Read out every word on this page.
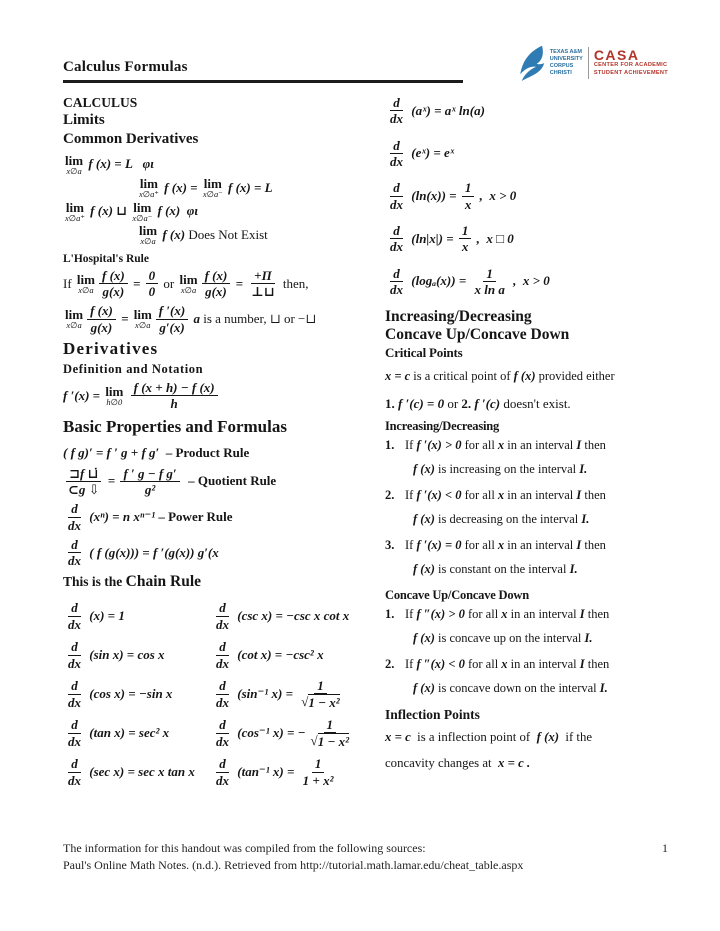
Calculus Formulas
TEXAS A&M
UNIVERSITY
CORPUS
CHRISTI
CASA
CENTER FOR ACADEMIC
STUDENT ACHIEVEMENT
CALCULUS
Limits
Common Derivatives
lim
x∅a f (x) = L φι
lim
x∅a⁺ f (x) = lim
x∅a⁻ f (x) = L
lim
x∅a⁺ f (x) ⊔ lim
x∅a⁻ f (x)  φι
lim
x∅a f (x) Does Not Exist
L'Hospital's Rule
If lim
x∅a $\frac{f (x)}{g(x)} = \frac{0}{0}$ or lim
x∅a $\frac{f (x)}{g(x)} = \frac{+\Pi}{\perp⊔}$ then,
lim
x∅a $\frac{f (x)}{g(x)} = \lim$
x∅a $\frac{f '(x)}{g'(x)}$ a is a number, ⊔ or −⊔
Derivatives
Definition and Notation
f ′(x) = lim
h∅0
$\frac{f (x + h) - f (x)}{h}$
Basic Properties and Formulas
( f g)′ = f ′ g + f g′ – Product Rule
$\frac{⊐f ⊔̇}{\subset g ⇩} = \frac{\text{f ′ g − f g′}}{\text{g²}}$ – Quotient Rule
$\frac{d}{dx} (x^n) = n$ xⁿ⁻¹ – Power Rule
$\frac{d}{dx}$ ( f (g(x))) = f ′(g(x)) g′(x
This is the Chain Rule
$\frac{d}{dx} (x) = 1$
$\frac{d}{dx} (\sin$ x) = cos x
$\frac{d}{dx} (\cos$ x) = −sin x
$\frac{d}{dx} (\tan$ x) = sec² x
$\frac{d}{dx} (\sec$ x) = sec x tan x
$\frac{d}{dx} (\csc$ x) = −csc x cot x
$\frac{d}{dx} (\cot$ x) = −csc² x
$\frac{d}{dx} (\sin^{-1}$ $x) = \frac{1}{\text{√ 1 − x²}}$
$\frac{d}{dx} (\cos^{-1}$ x) = − $\frac{1}{\text{√ 1 − x²}}$
$\frac{d}{dx} (\tan^{-1}$ $x) = \frac{1}{\text{1 + x²}}$
$\frac{d}{dx}$ (aˣ) = aˣ ln(a)
$\frac{d}{dx}$ (eˣ) = eˣ
$\frac{d}{dx} (\ln(x)) = \frac{1}{x}$ ,  x > 0
$\frac{d}{dx} (\ln|x|) = \frac{1}{x}$ ,  x □ 0
$\frac{d}{dx} (\log_a(x)) = \frac{1}{\text{x ln a}}$ ,  x > 0
Increasing/Decreasing
Concave Up/Concave Down
Critical Points
x = c is a critical point of f (x) provided either
1. f ′(c) = 0 or 2. f ′(c) doesn't exist.
Increasing/Decreasing
1. If f ′(x) > 0 for all x in an interval I then
f (x) is increasing on the interval I.
2. If f ′(x) < 0 for all x in an interval I then
f (x) is decreasing on the interval I.
3. If f ′(x) = 0 for all x in an interval I then
f (x) is constant on the interval I.
Concave Up/Concave Down
1. If f ″(x) > 0 for all x in an interval I then
f (x) is concave up on the interval I.
2. If f ″(x) < 0 for all x in an interval I then
f (x) is concave down on the interval I.
Inflection Points
x = c is a inflection point of f (x) if the
concavity changes at x = c .
The information for this handout was compiled from the following sources:	1
Paul's Online Math Notes. (n.d.). Retrieved from http://tutorial.math.lamar.edu/cheat_table.aspx
